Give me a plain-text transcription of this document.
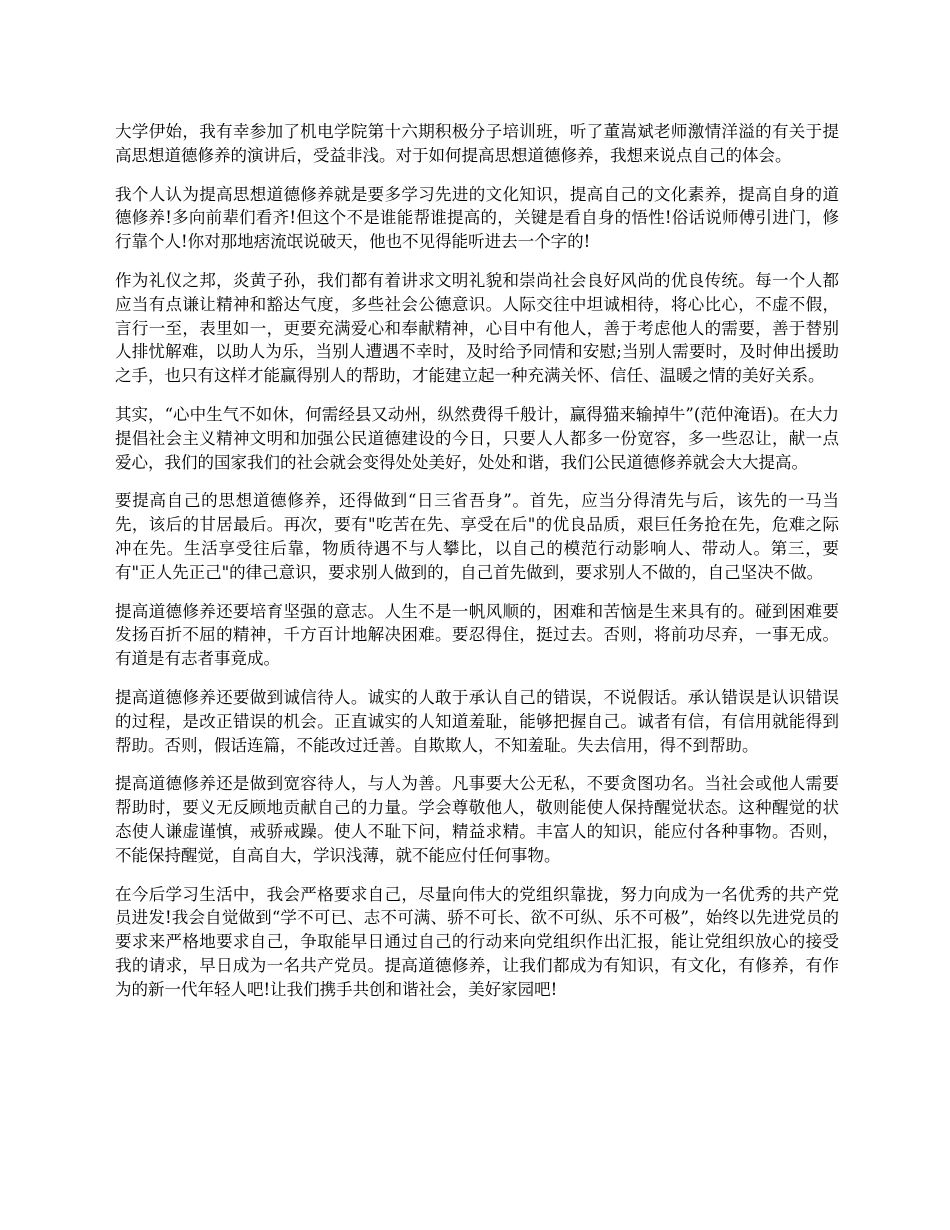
大学伊始，我有幸参加了机电学院第十六期积极分子培训班，听了董嵩斌老师激情洋溢的有关于提高思想道德修养的演讲后，受益非浅。对于如何提高思想道德修养，我想来说点自己的体会。

我个人认为提高思想道德修养就是要多学习先进的文化知识，提高自己的文化素养，提高自身的道德修养!多向前辈们看齐!但这个不是谁能帮谁提高的，关键是看自身的悟性!俗话说师傅引进门，修行靠个人!你对那地痞流氓说破天，他也不见得能听进去一个字的!

作为礼仪之邦，炎黄子孙，我们都有着讲求文明礼貌和崇尚社会良好风尚的优良传统。每一个人都应当有点谦让精神和豁达气度，多些社会公德意识。人际交往中坦诚相待，将心比心，不虚不假，言行一至，表里如一，更要充满爱心和奉献精神，心目中有他人，善于考虑他人的需要，善于替别人排忧解难，以助人为乐，当别人遭遇不幸时，及时给予同情和安慰;当别人需要时，及时伸出援助之手，也只有这样才能赢得别人的帮助，才能建立起一种充满关怀、信任、温暖之情的美好关系。

其实，“心中生气不如休，何需经县又动州，纵然费得千般计，赢得猫来输掉牛”(范仲淹语)。在大力提倡社会主义精神文明和加强公民道德建设的今日，只要人人都多一份宽容，多一些忍让，献一点爱心，我们的国家我们的社会就会变得处处美好，处处和谐，我们公民道德修养就会大大提高。

要提高自己的思想道德修养，还得做到“日三省吾身”。首先，应当分得清先与后，该先的一马当先，该后的甘居最后。再次，要有"吃苦在先、享受在后"的优良品质，艰巨任务抢在先，危难之际冲在先。生活享受往后靠，物质待遇不与人攀比，以自己的模范行动影响人、带动人。第三，要有"正人先正己"的律己意识，要求别人做到的，自己首先做到，要求别人不做的，自己坚决不做。

提高道德修养还要培育坚强的意志。人生不是一帆风顺的，困难和苦恼是生来具有的。碰到困难要发扬百折不屈的精神，千方百计地解决困难。要忍得住，挺过去。否则，将前功尽弃，一事无成。有道是有志者事竟成。

提高道德修养还要做到诚信待人。诚实的人敢于承认自己的错误，不说假话。承认错误是认识错误的过程，是改正错误的机会。正直诚实的人知道羞耻，能够把握自己。诚者有信，有信用就能得到帮助。否则，假话连篇，不能改过迁善。自欺欺人，不知羞耻。失去信用，得不到帮助。

提高道德修养还是做到宽容待人，与人为善。凡事要大公无私，不要贪图功名。当社会或他人需要帮助时，要义无反顾地贡献自己的力量。学会尊敬他人，敬则能使人保持醒觉状态。这种醒觉的状态使人谦虚谨慎，戒骄戒躁。使人不耻下问，精益求精。丰富人的知识，能应付各种事物。否则，不能保持醒觉，自高自大，学识浅薄，就不能应付任何事物。

在今后学习生活中，我会严格要求自己，尽量向伟大的党组织靠拢，努力向成为一名优秀的共产党员进发!我会自觉做到“学不可已、志不可满、骄不可长、欲不可纵、乐不可极”，始终以先进党员的要求来严格地要求自己，争取能早日通过自己的行动来向党组织作出汇报，能让党组织放心的接受我的请求，早日成为一名共产党员。提高道德修养，让我们都成为有知识，有文化，有修养，有作为的新一代年轻人吧!让我们携手共创和谐社会，美好家园吧!
